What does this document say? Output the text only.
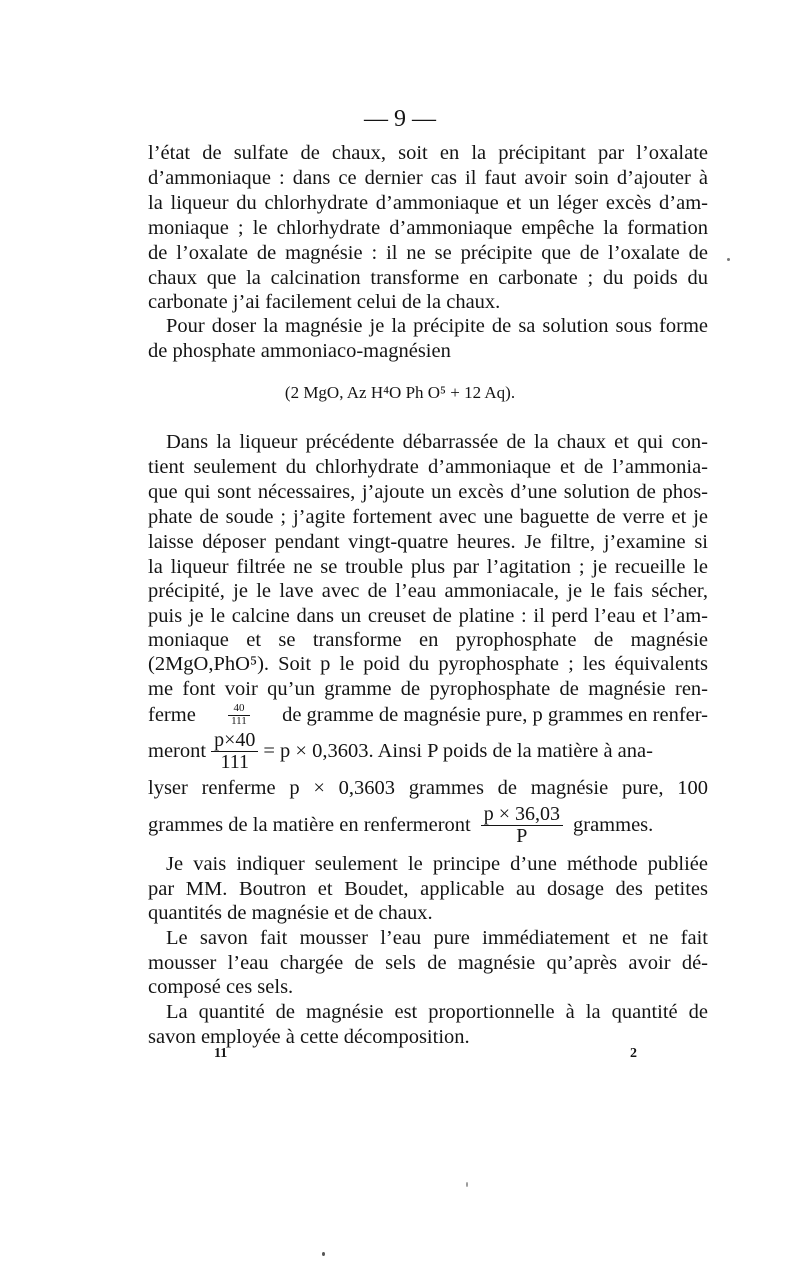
— 9 —
l’état de sulfate de chaux, soit en la précipitant par l’oxalate
d’ammoniaque : dans ce dernier cas il faut avoir soin d’ajouter à
la liqueur du chlorhydrate d’ammoniaque et un léger excès d’am-
moniaque ; le chlorhydrate d’ammoniaque empêche la formation
de l’oxalate de magnésie : il ne se précipite que de l’oxalate de
chaux que la calcination transforme en carbonate ; du poids du
carbonate j’ai facilement celui de la chaux.
Pour doser la magnésie je la précipite de sa solution sous forme
de phosphate ammoniaco-magnésien
(2 MgO, Az H⁴O Ph O⁵ + 12 Aq).
Dans la liqueur précédente débarrassée de la chaux et qui con-
tient seulement du chlorhydrate d’ammoniaque et de l’ammonia-
que qui sont nécessaires, j’ajoute un excès d’une solution de phos-
phate de soude ; j’agite fortement avec une baguette de verre et je
laisse déposer pendant vingt-quatre heures. Je filtre, j’examine si
la liqueur filtrée ne se trouble plus par l’agitation ; je recueille le
précipité, je le lave avec de l’eau ammoniacale, je le fais sécher,
puis je le calcine dans un creuset de platine : il perd l’eau et l’am-
moniaque et se transforme en pyrophosphate de magnésie
(2MgO,PhO⁵). Soit p le poid du pyrophosphate ; les équivalents
me font voir qu’un gramme de pyrophosphate de magnésie ren-
ferme	$\frac{40}{111}$ de gramme de magnésie pure, p grammes en renfer-
meront $\frac{p\times 40}{111} = p \times 0,3603$. Ainsi P poids de la matière à ana-
lyser renferme p × 0,3603 grammes de magnésie pure, 100
grammes de la matière en renfermeront $\frac{p \times 36,03}{P}$ grammes.
Je vais indiquer seulement le principe d’une méthode publiée
par MM. Boutron et Boudet, applicable au dosage des petites
quantités de magnésie et de chaux.
Le savon fait mousser l’eau pure immédiatement et ne fait
mousser l’eau chargée de sels de magnésie qu’après avoir dé-
composé ces sels.
La quantité de magnésie est proportionnelle à la quantité de
savon employée à cette décomposition.
11	2
